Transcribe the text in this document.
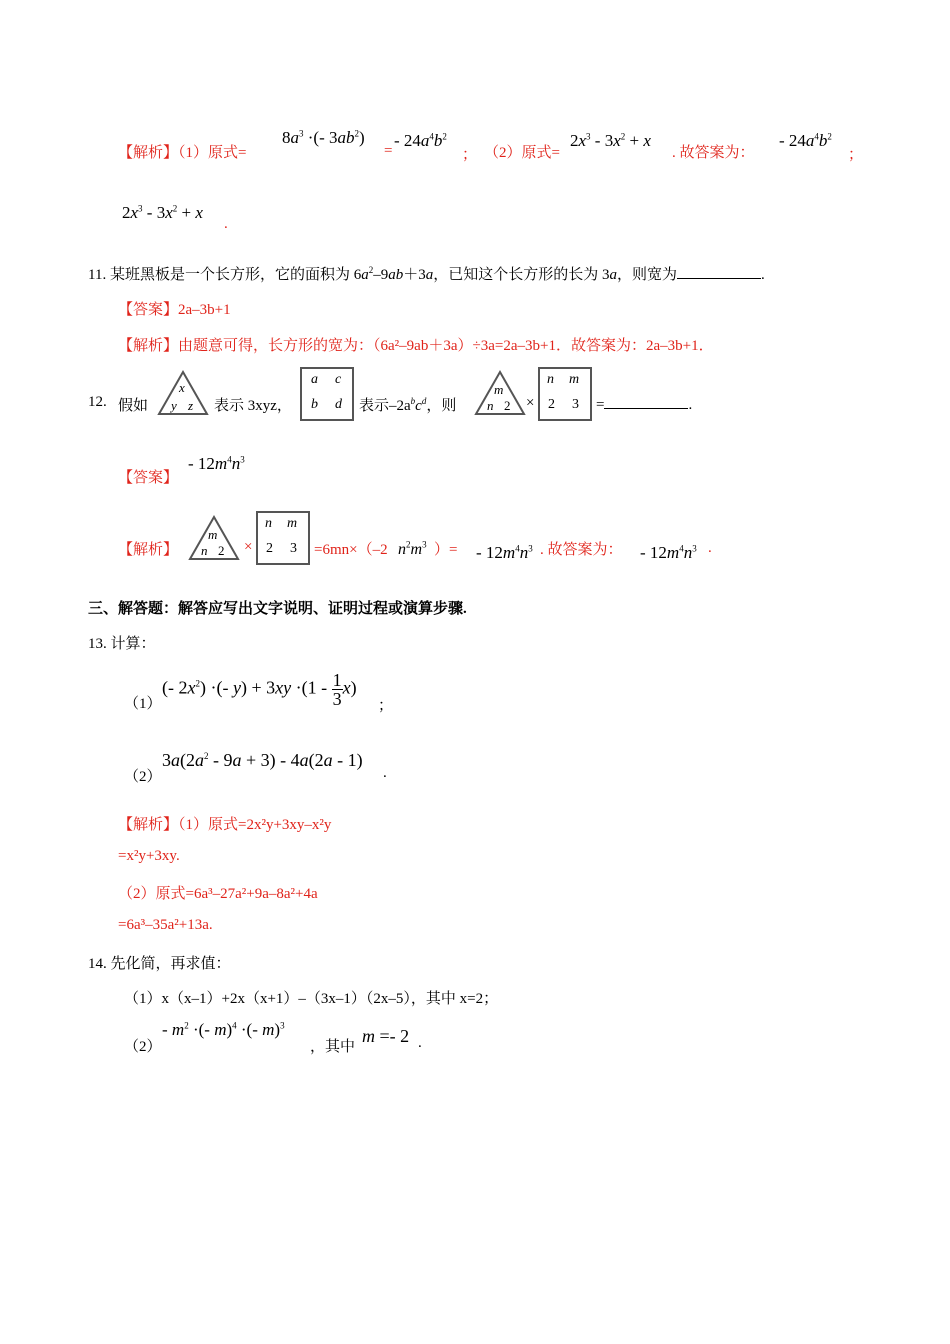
【解析】（1）原式=
$8a^3$ ·(- $3ab^2$)
=
- $24a^4b^2$
； （2）原式=
$2x^3 - 3x^2 + x$
. 故答案为：
- $24a^4b^2$
；
$2x^3 - 3x^2 + x$
.
11. 某班黑板是一个长方形，它的面积为 $6a^2-9ab+3a$，已知这个长方形的长为 3a，则宽为	.
【答案】2a–3b+1
【解析】由题意可得，长方形的宽为：（6a²–9ab＋3a）÷3a=2a–3b+1．故答案为：2a–3b+1．
12. 假如
x
y z 表示 3xyz，
a c
b d 表示$-2a^bc^d$，则
m
n 2 ×
n m
2 3 =	.
【答案】
- $12m^4n^3$
【解析】
m
n 2 ×
n m
2 3 =6mn×（–2 $n^2m^3$ ）= - $12m^4n^3$ . 故答案为： - $12m^4n^3$ .
三、解答题：解答应写出文字说明、证明过程或演算步骤.
13. 计算：
（1）
(- $2x^2$) ·(- $y) + 3xy \cdot(1 - \frac{1}{3} x)$
；
（2）
$3a(2a^2 - 9a + 3) - 4a(2a - 1)$
.
【解析】（1）原式=2x²y+3xy–x²y
=x²y+3xy.
（2）原式=6a³–27a²+9a–8a²+4a
=6a³–35a²+13a.
14. 先化简，再求值：
（1）x（x–1）+2x（x+1）–（3x–1）（2x–5），其中 x=2；
（2）
- $m^2$ ·(- m)$^4$ ·(- m)$^3$
，其中
m =- 2 .
